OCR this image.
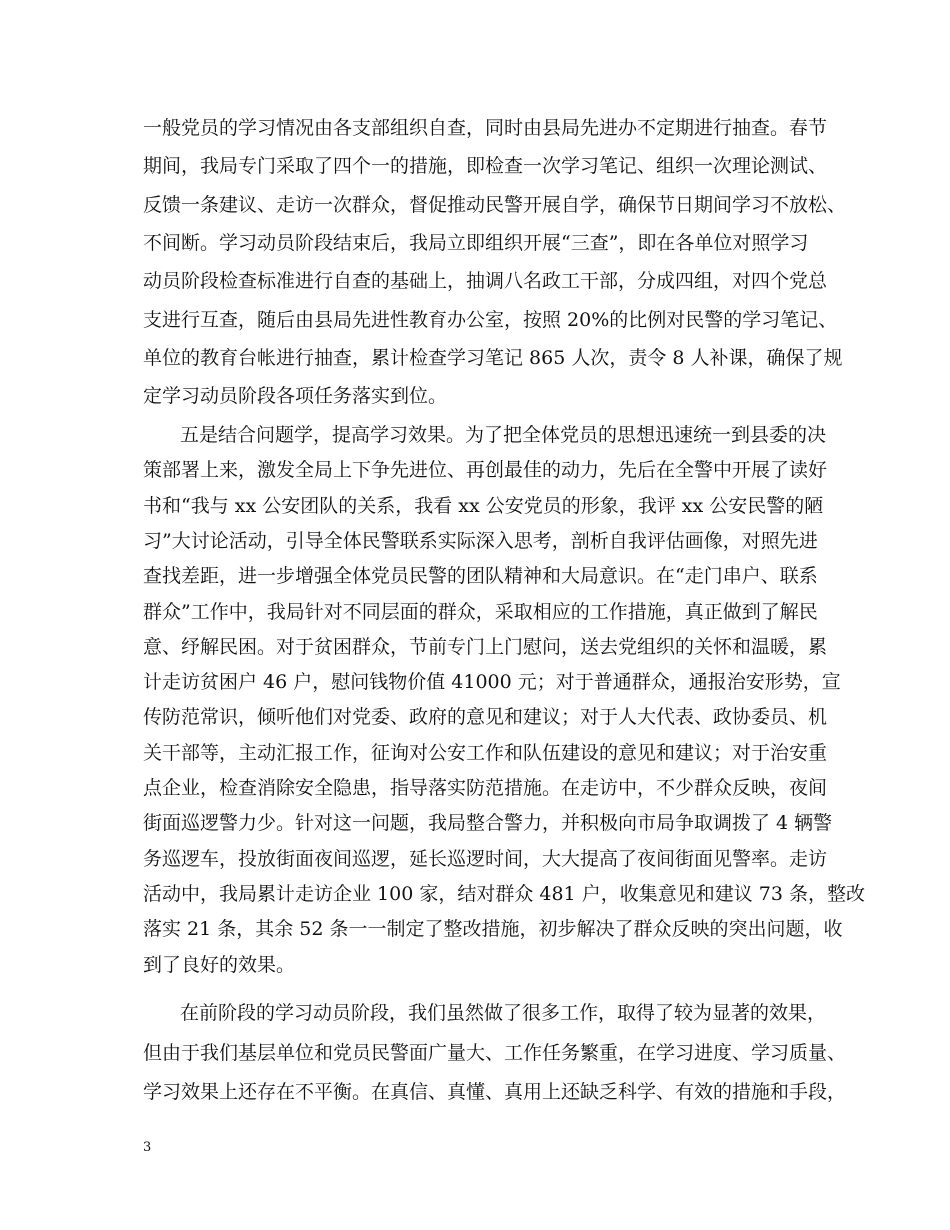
一般党员的学习情况由各支部组织自查，同时由县局先进办不定期进行抽查。春节
期间，我局专门采取了四个一的措施，即检查一次学习笔记、组织一次理论测试、
反馈一条建议、走访一次群众，督促推动民警开展自学，确保节日期间学习不放松、
不间断。学习动员阶段结束后，我局立即组织开展“三查”，即在各单位对照学习
动员阶段检查标准进行自查的基础上，抽调八名政工干部，分成四组，对四个党总
支进行互查，随后由县局先进性教育办公室，按照 20%的比例对民警的学习笔记、
单位的教育台帐进行抽查，累计检查学习笔记 865 人次，责令 8 人补课，确保了规
定学习动员阶段各项任务落实到位。
五是结合问题学，提高学习效果。为了把全体党员的思想迅速统一到县委的决
策部署上来，激发全局上下争先进位、再创最佳的动力，先后在全警中开展了读好
书和“我与 xx 公安团队的关系，我看 xx 公安党员的形象，我评 xx 公安民警的陋
习”大讨论活动，引导全体民警联系实际深入思考，剖析自我评估画像，对照先进
查找差距，进一步增强全体党员民警的团队精神和大局意识。在“走门串户、联系
群众”工作中，我局针对不同层面的群众，采取相应的工作措施，真正做到了解民
意、纾解民困。对于贫困群众，节前专门上门慰问，送去党组织的关怀和温暖，累
计走访贫困户 46 户，慰问钱物价值 41000 元；对于普通群众，通报治安形势，宣
传防范常识，倾听他们对党委、政府的意见和建议；对于人大代表、政协委员、机
关干部等，主动汇报工作，征询对公安工作和队伍建设的意见和建议；对于治安重
点企业，检查消除安全隐患，指导落实防范措施。在走访中，不少群众反映，夜间
街面巡逻警力少。针对这一问题，我局整合警力，并积极向市局争取调拨了 4 辆警
务巡逻车，投放街面夜间巡逻，延长巡逻时间，大大提高了夜间街面见警率。走访
活动中，我局累计走访企业 100 家，结对群众 481 户，收集意见和建议 73 条，整改
落实 21 条，其余 52 条一一制定了整改措施，初步解决了群众反映的突出问题，收
到了良好的效果。
在前阶段的学习动员阶段，我们虽然做了很多工作，取得了较为显著的效果，
但由于我们基层单位和党员民警面广量大、工作任务繁重，在学习进度、学习质量、
学习效果上还存在不平衡。在真信、真懂、真用上还缺乏科学、有效的措施和手段，
3
